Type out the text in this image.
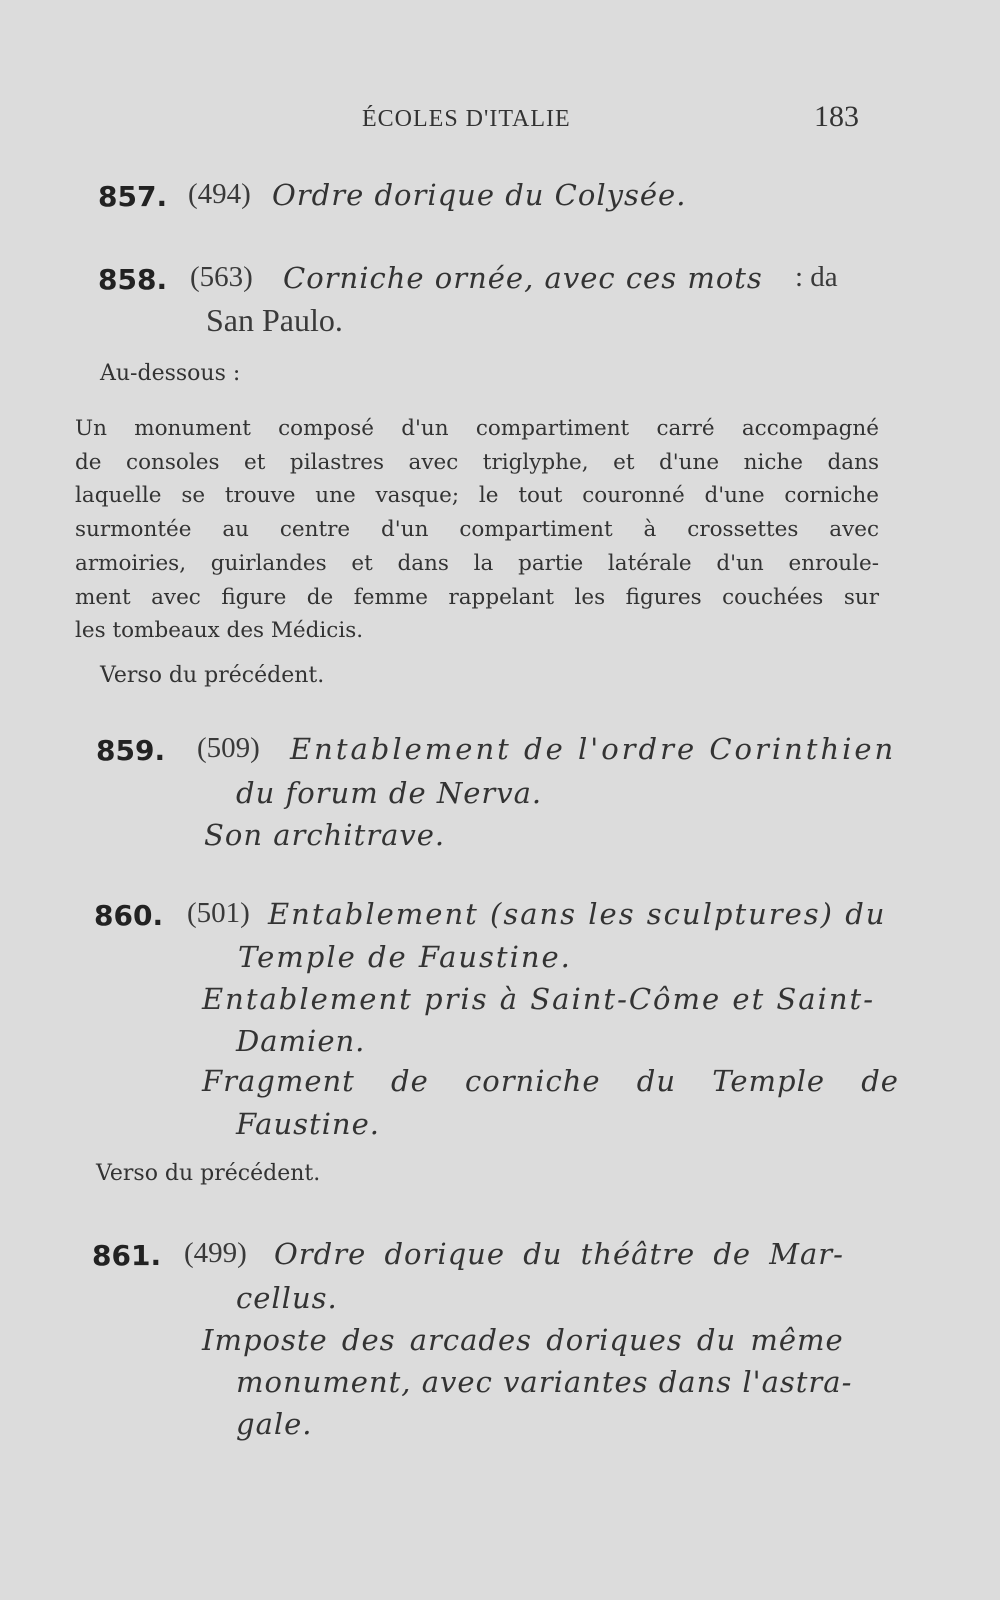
ÉCOLES D'ITALIE	183
857. (494) Ordre dorique du Colysée.
858. (563) Corniche ornée, avec ces mots : da
San Paulo.
Au-dessous :
Un monument composé d'un compartiment carré accompagné
de consoles et pilastres avec triglyphe, et d'une niche dans
laquelle se trouve une vasque; le tout couronné d'une corniche
surmontée au centre d'un compartiment à crossettes avec
armoiries, guirlandes et dans la partie latérale d'un enroule-
ment avec figure de femme rappelant les figures couchées sur
les tombeaux des Médicis.
Verso du précédent.
859. (509) Entablement de l'ordre Corinthien
du forum de Nerva.
Son architrave.
860. (501) Entablement (sans les sculptures) du
Temple de Faustine.
Entablement pris à Saint-Côme et Saint-
Damien.
Fragment de corniche du Temple de
Faustine.
Verso du précédent.
861. (499) Ordre dorique du théâtre de Mar-
cellus.
Imposte des arcades doriques du même
monument, avec variantes dans l'astra-
gale.
